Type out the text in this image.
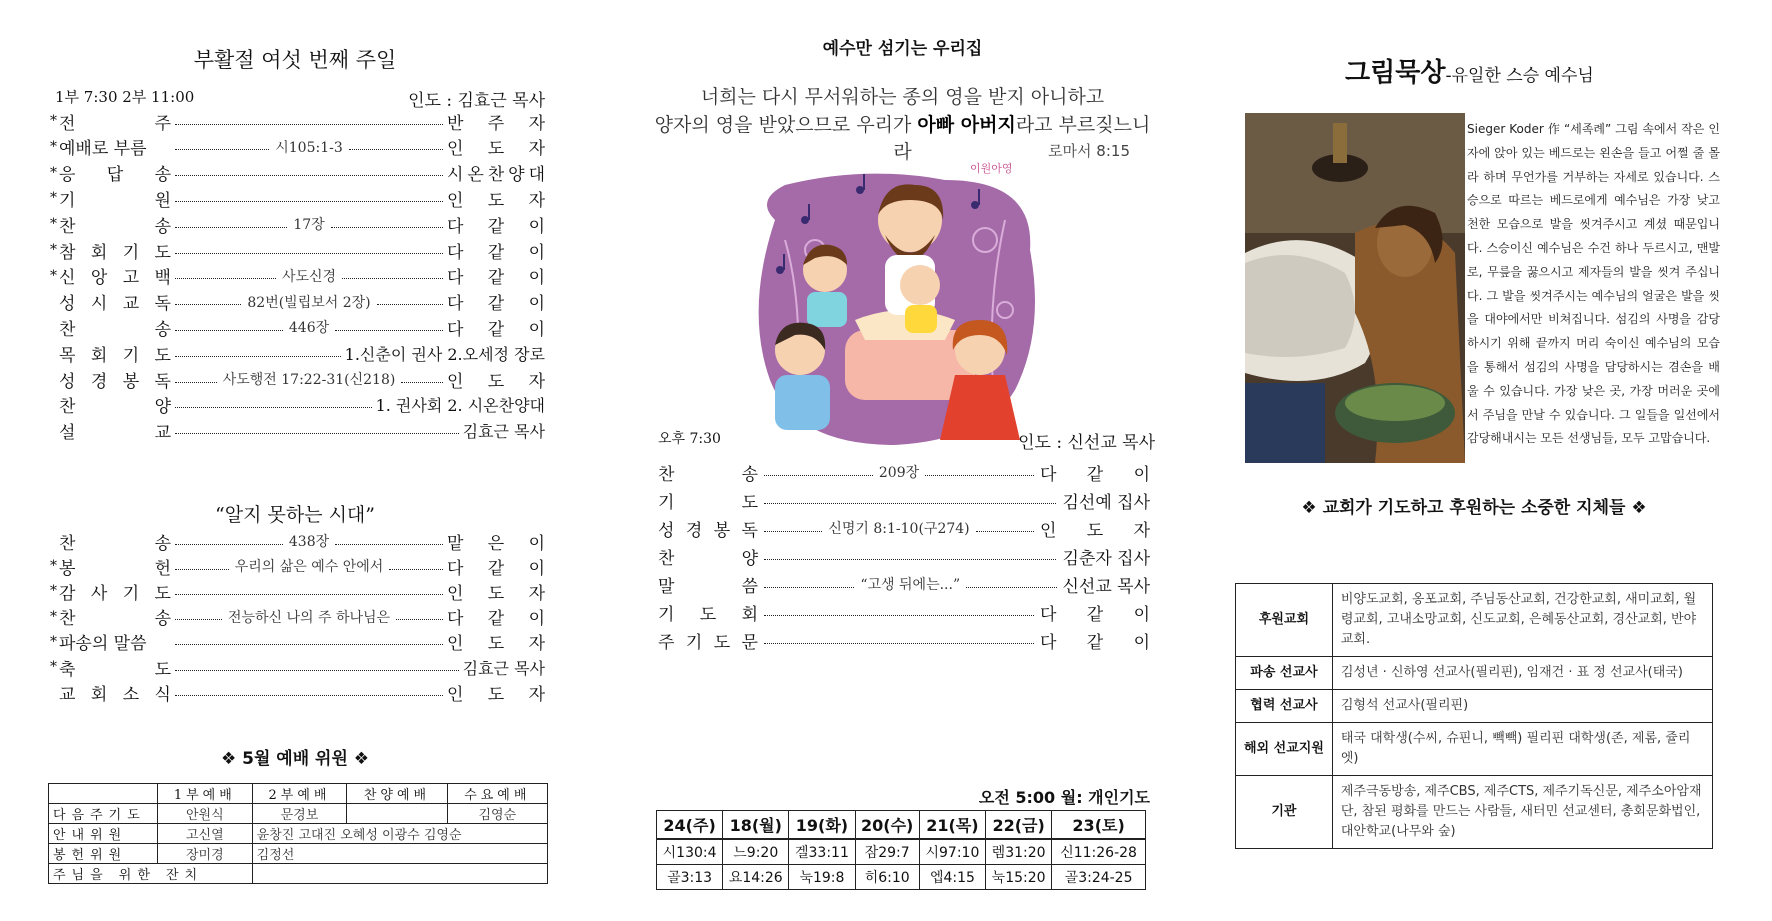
부활절 여섯 번째 주일
1부 7:30 2부 11:00	인도 : 김효근 목사
* 전	주	반 주 자
* 예배로 부름	시105:1-3	인 도 자
* 응 답 송	시 온 찬 양 대
* 기	원	인 도 자
* 찬	송	17장	다 같 이
* 참 회 기 도	다 같 이
* 신 앙 고 백	사도신경	다 같 이
성 시 교 독	82번(빌립보서 2장)	다 같 이
찬	송	446장	다 같 이
목 회 기 도	1.신춘이 권사 2.오세정 장로
성 경 봉 독	사도행전 17:22-31(신218)	인 도 자
찬	양	1. 권사회 2. 시온찬양대
설	교	김효근 목사
“알지 못하는 시대”
찬	송	438장	맡 은 이
* 봉	헌	우리의 삶은 예수 안에서	다 같 이
* 감 사 기 도	인 도 자
* 찬	송	전능하신 나의 주 하나님은	다 같 이
* 파송의 말씀	인 도 자
* 축	도	김효근 목사
교 회 소 식	인 도 자
❖ 5월 예배 위원 ❖
	1부예배	2부예배	찬양예배	수요예배
다음주기도	안원식	문경보		김영순
안내위원	고신열	윤창진 고대진 오혜성 이광수 김영순		
봉헌위원	장미경	김정선		
주님을 위한 잔치				
예수만 섬기는 우리집
너희는 다시 무서워하는 종의 영을 받지 아니하고
양자의 영을 받았으므로 우리가 아빠 아버지라고 부르짖느니라	로마서 8:15
이원아영
오후 7:30	인도 : 신선교 목사
찬	송	209장	다 같 이
기	도	김선예 집사
성 경 봉 독	신명기 8:1-10(구274)	인 도 자
찬	양	김춘자 집사
말	씀	“고생 뒤에는...”	신선교 목사
기 도 회	다 같 이
주 기 도 문	다 같 이
오전 5:00 월: 개인기도
24(주)	18(월)	19(화)	20(수)	21(목)	22(금)	23(토)
시130:4	느9:20	겔33:11	잠29:7	시97:10	렘31:20	신11:26-28
골3:13	요14:26	눅19:8	히6:10	엡4:15	눅15:20	골3:24-25
그림묵상-유일한 스승 예수님
Sieger Koder 作 “세족례” 그림 속에서 작은 인자에 앉아 있는 베드로는 왼손을 들고 어쩔 줄 몰라 하며 무언가를 거부하는 자세로 있습니다. 스승으로 따르는 베드로에게 예수님은 가장 낮고 천한 모습으로 발을 씻겨주시고 계셨 때문입니다. 스승이신 예수님은 수건 하나 두르시고, 맨발로, 무릎을 꿇으시고 제자들의 발을 씻겨 주십니다. 그 발을 씻겨주시는 예수님의 얼굴은 발을 씻을 대야에서만 비쳐집니다. 섬김의 사명을 감당하시기 위해 끝까지 머리 숙이신 예수님의 모습을 통해서 섬김의 사명을 담당하시는 겸손을 배울 수 있습니다. 가장 낮은 곳, 가장 머러운 곳에서 주님을 만날 수 있습니다. 그 일들을 일선에서 감당해내시는 모든 선생님들, 모두 고맙습니다.
❖ 교회가 기도하고 후원하는 소중한 지체들 ❖
후원교회	비양도교회, 옹포교회, 주님동산교회, 건강한교회, 새미교회, 월령교회, 고내소망교회, 신도교회, 은혜동산교회, 경산교회, 반야교회.
파송 선교사	김성년 · 신하영 선교사(필리핀), 임재건 · 표 정 선교사(태국)
협력 선교사	김형석 선교사(필리핀)
해외 선교지원	태국 대학생(수씨, 슈핀니, 빽빽) 필리핀 대학생(존, 제롬, 쥴리엣)
기관	제주극동방송, 제주CBS, 제주CTS, 제주기독신문, 제주소아암재단, 참된 평화를 만드는 사람들, 새터민 선교센터, 총회문화법인, 대안학교(나무와 숲)
